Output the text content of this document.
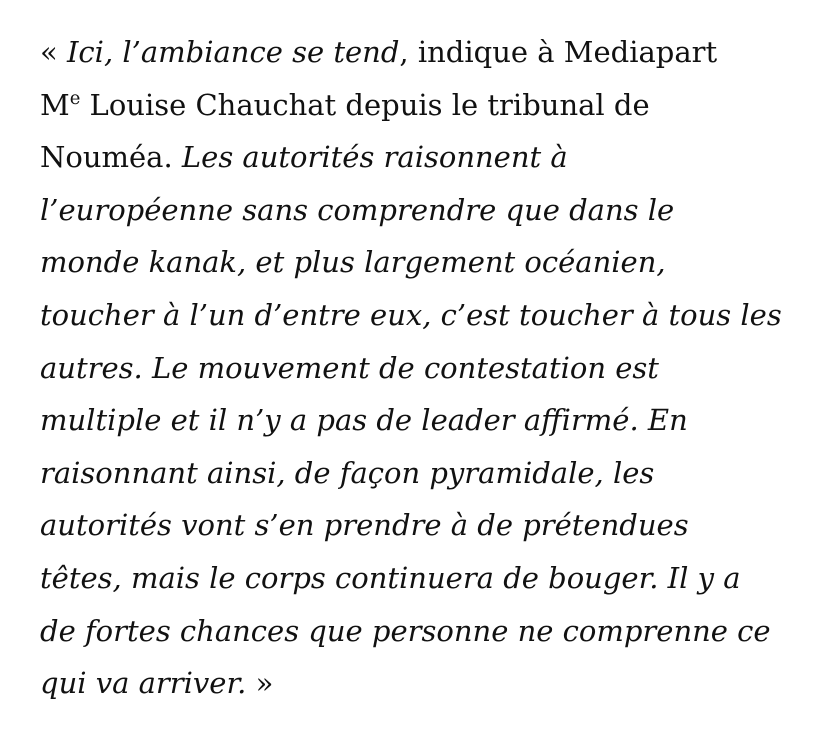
« Ici, l’ambiance se tend, indique à Mediapart
Me Louise Chauchat depuis le tribunal de
Nouméa. Les autorités raisonnent à
l’européenne sans comprendre que dans le
monde kanak, et plus largement océanien,
toucher à l’un d’entre eux, c’est toucher à tous les
autres. Le mouvement de contestation est
multiple et il n’y a pas de leader affirmé. En
raisonnant ainsi, de façon pyramidale, les
autorités vont s’en prendre à de prétendues
têtes, mais le corps continuera de bouger. Il y a
de fortes chances que personne ne comprenne ce
qui va arriver. »
